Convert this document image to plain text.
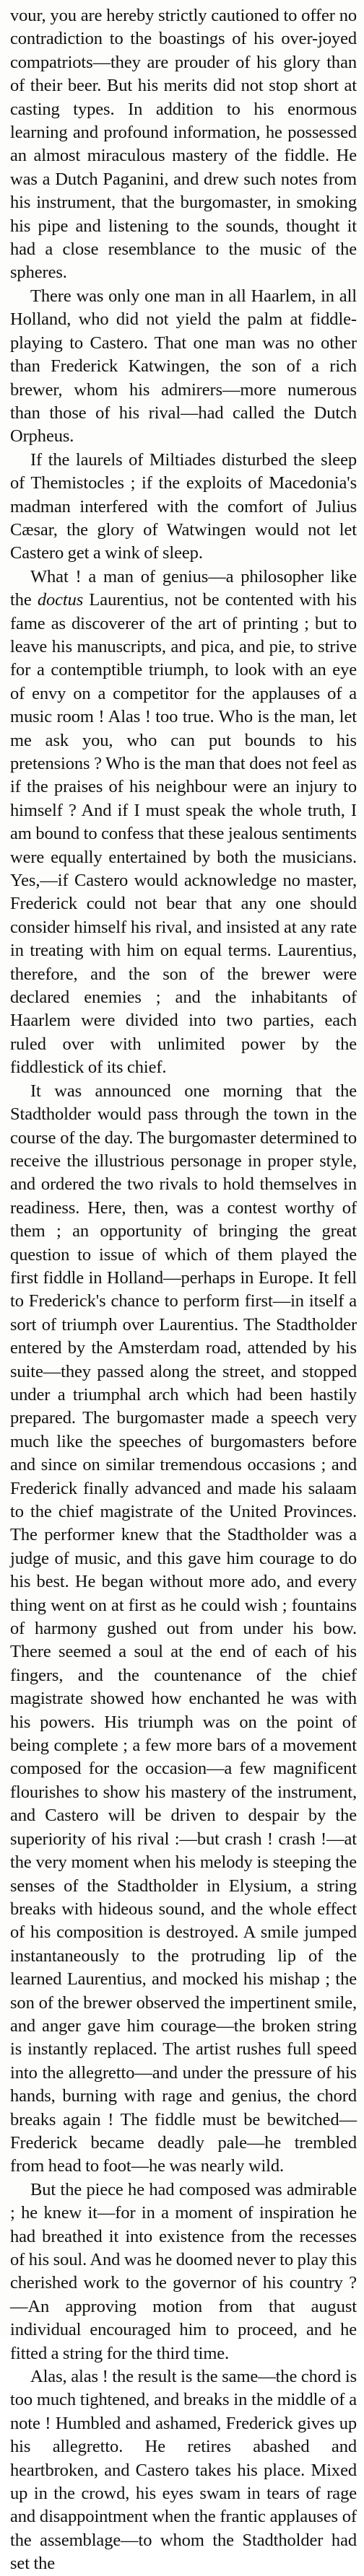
vour, you are hereby strictly cautioned to offer no contradiction to the boastings of his over-joyed compatriots—they are prouder of his glory than of their beer. But his merits did not stop short at casting types. In addition to his enormous learning and profound information, he possessed an almost miraculous mastery of the fiddle. He was a Dutch Paganini, and drew such notes from his instrument, that the burgomaster, in smoking his pipe and listening to the sounds, thought it had a close resemblance to the music of the spheres.

There was only one man in all Haarlem, in all Holland, who did not yield the palm at fiddle-playing to Castero. That one man was no other than Frederick Katwingen, the son of a rich brewer, whom his admirers—more numerous than those of his rival—had called the Dutch Orpheus.

If the laurels of Miltiades disturbed the sleep of Themistocles ; if the exploits of Macedonia's madman interfered with the comfort of Julius Cæsar, the glory of Watwingen would not let Castero get a wink of sleep.

What ! a man of genius—a philosopher like the doctus Laurentius, not be contented with his fame as discoverer of the art of printing ; but to leave his manuscripts, and pica, and pie, to strive for a contemptible triumph, to look with an eye of envy on a competitor for the applauses of a music room ! Alas ! too true. Who is the man, let me ask you, who can put bounds to his pretensions ? Who is the man that does not feel as if the praises of his neighbour were an injury to himself ? And if I must speak the whole truth, I am bound to confess that these jealous sentiments were equally entertained by both the musicians. Yes,—if Castero would acknowledge no master, Frederick could not bear that any one should consider himself his rival, and insisted at any rate in treating with him on equal terms. Laurentius, therefore, and the son of the brewer were declared enemies ; and the inhabitants of Haarlem were divided into two parties, each ruled over with unlimited power by the fiddlestick of its chief.

It was announced one morning that the Stadtholder would pass through the town in the course of the day. The burgomaster determined to receive the illustrious personage in proper style, and ordered the two rivals to hold themselves in readiness. Here, then, was a contest worthy of them ; an opportunity of bringing the great question to issue of which of them played the first fiddle in Holland—perhaps in Europe. It fell to Frederick's chance to perform first—in itself a sort of triumph over Laurentius. The Stadtholder entered by the Amsterdam road, attended by his suite—they passed along the street, and stopped under a triumphal arch which had been hastily prepared. The burgomaster made a speech very much like the speeches of burgomasters before and since on similar tremendous occasions ; and Frederick finally advanced and made his salaam to the chief magistrate of the United Provinces. The performer knew that the Stadtholder was a judge of music, and this gave him courage to do his best. He began without more ado, and every thing went on at first as he could wish ; fountains of harmony gushed out from under his bow. There seemed a soul at the end of each of his fingers, and the countenance of the chief magistrate showed how enchanted he was with his powers. His triumph was on the point of being complete ; a few more bars of a movement composed for the occasion—a few magnificent flourishes to show his mastery of the instrument, and Castero will be driven to despair by the superiority of his rival :—but crash ! crash !—at the very moment when his melody is steeping the senses of the Stadtholder in Elysium, a string breaks with hideous sound, and the whole effect of his composition is destroyed. A smile jumped instantaneously to the protruding lip of the learned Laurentius, and mocked his mishap ; the son of the brewer observed the impertinent smile, and anger gave him courage—the broken string is instantly replaced. The artist rushes full speed into the allegretto—and under the pressure of his hands, burning with rage and genius, the chord breaks again ! The fiddle must be bewitched—Frederick became deadly pale—he trembled from head to foot—he was nearly wild.

But the piece he had composed was admirable ; he knew it—for in a moment of inspiration he had breathed it into existence from the recesses of his soul. And was he doomed never to play this cherished work to the governor of his country ?—An approving motion from that august individual encouraged him to proceed, and he fitted a string for the third time.

Alas, alas ! the result is the same—the chord is too much tightened, and breaks in the middle of a note ! Humbled and ashamed, Frederick gives up his allegretto. He retires abashed and heartbroken, and Castero takes his place. Mixed up in the crowd, his eyes swam in tears of rage and disappointment when the frantic applauses of the assemblage—to whom the Stadtholder had set the
